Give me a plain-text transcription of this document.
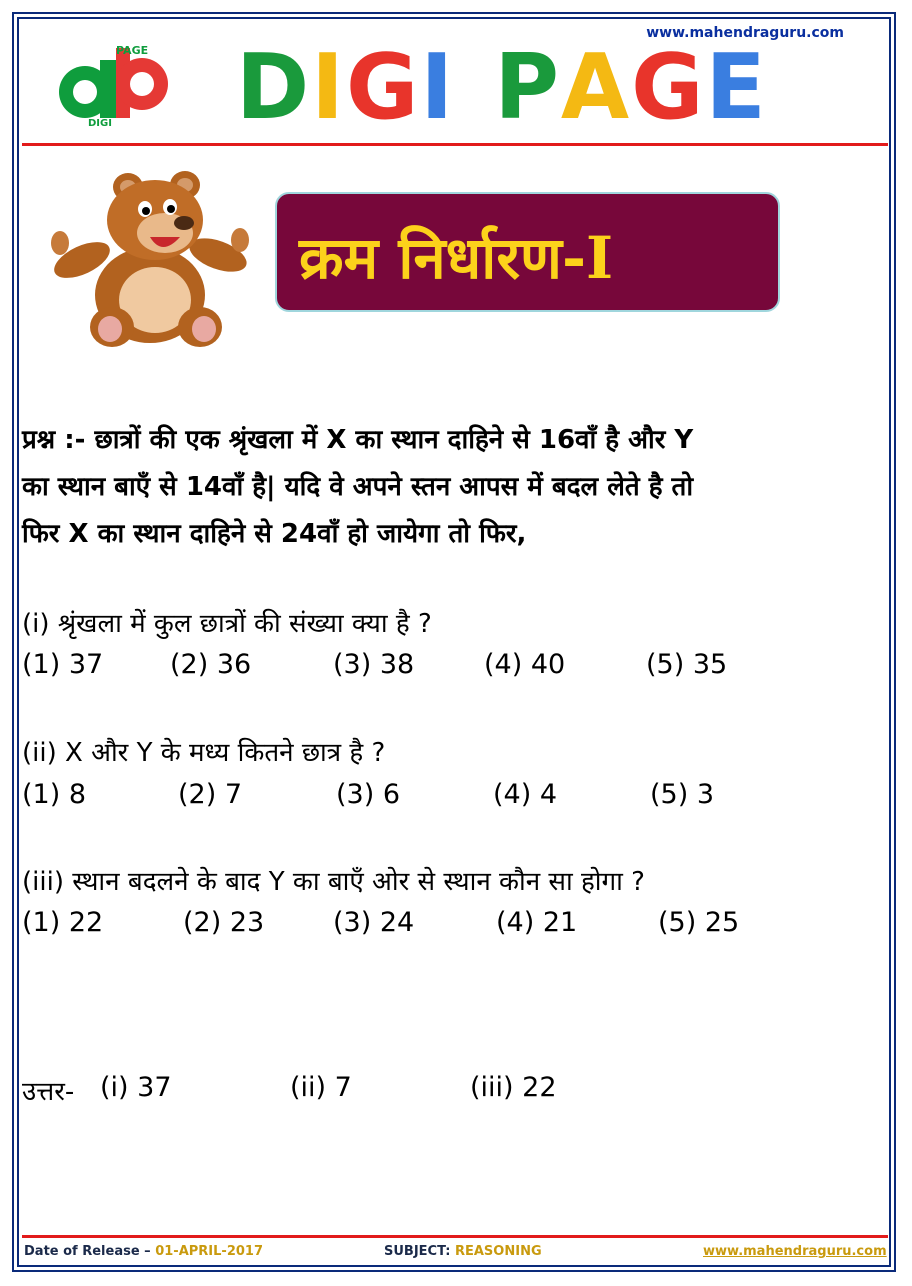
www.mahendraguru.com
PAGE
DIGI DIGI PAGE
क्रम निर्धारण-I
प्रश्न :- छात्रों की एक श्रृंखला में X का स्थान दाहिने से 16वाँ है और Y
का स्थान बाएँ से 14वाँ है| यदि वे अपने स्तन आपस में बदल लेते है तो
फिर X का स्थान दाहिने से 24वाँ हो जायेगा तो फिर,
(i) श्रृंखला में कुल छात्रों की संख्या क्या है ?
(1) 37 (2) 36	(3) 38	(4) 40	(5) 35
(ii) X और Y के मध्य कितने छात्र है ?
(1) 8	(2) 7	(3) 6	(4) 4	(5) 3
(iii) स्थान बदलने के बाद Y का बाएँ ओर से स्थान कौन सा होगा ?
(1) 22	(2) 23	(3) 24	(4) 21	(5) 25
उत्तर- (i) 37	(ii) 7	(iii) 22
Date of Release – 01-APRIL-2017	SUBJECT: REASONING	www.mahendraguru.com
